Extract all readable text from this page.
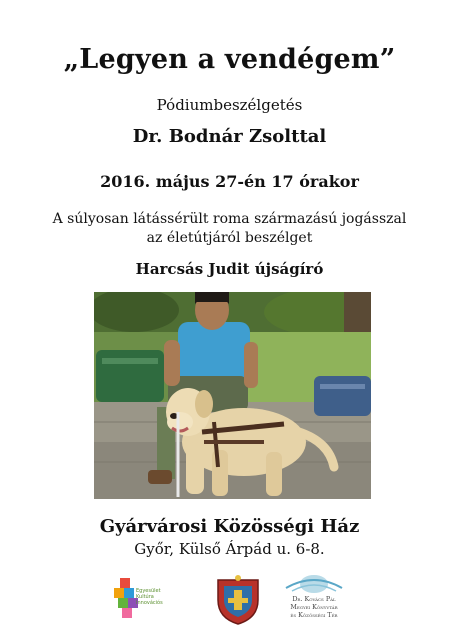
„Legyen a vendégem”
Pódiumbeszélgetés
Dr. Bodnár Zsolttal
2016. május 27-én 17 órakor
A súlyosan látássérült roma származású jogásszal
az életútjáról beszélget
Harcsás Judit újságíró
Gyárvárosi Közösségi Ház
Győr, Külső Árpád u. 6-8.
Egyesület
Kultúra
Innovációs	Dr. Kovács Pál
Megyei Könyvtár
és Közösségi Tér
